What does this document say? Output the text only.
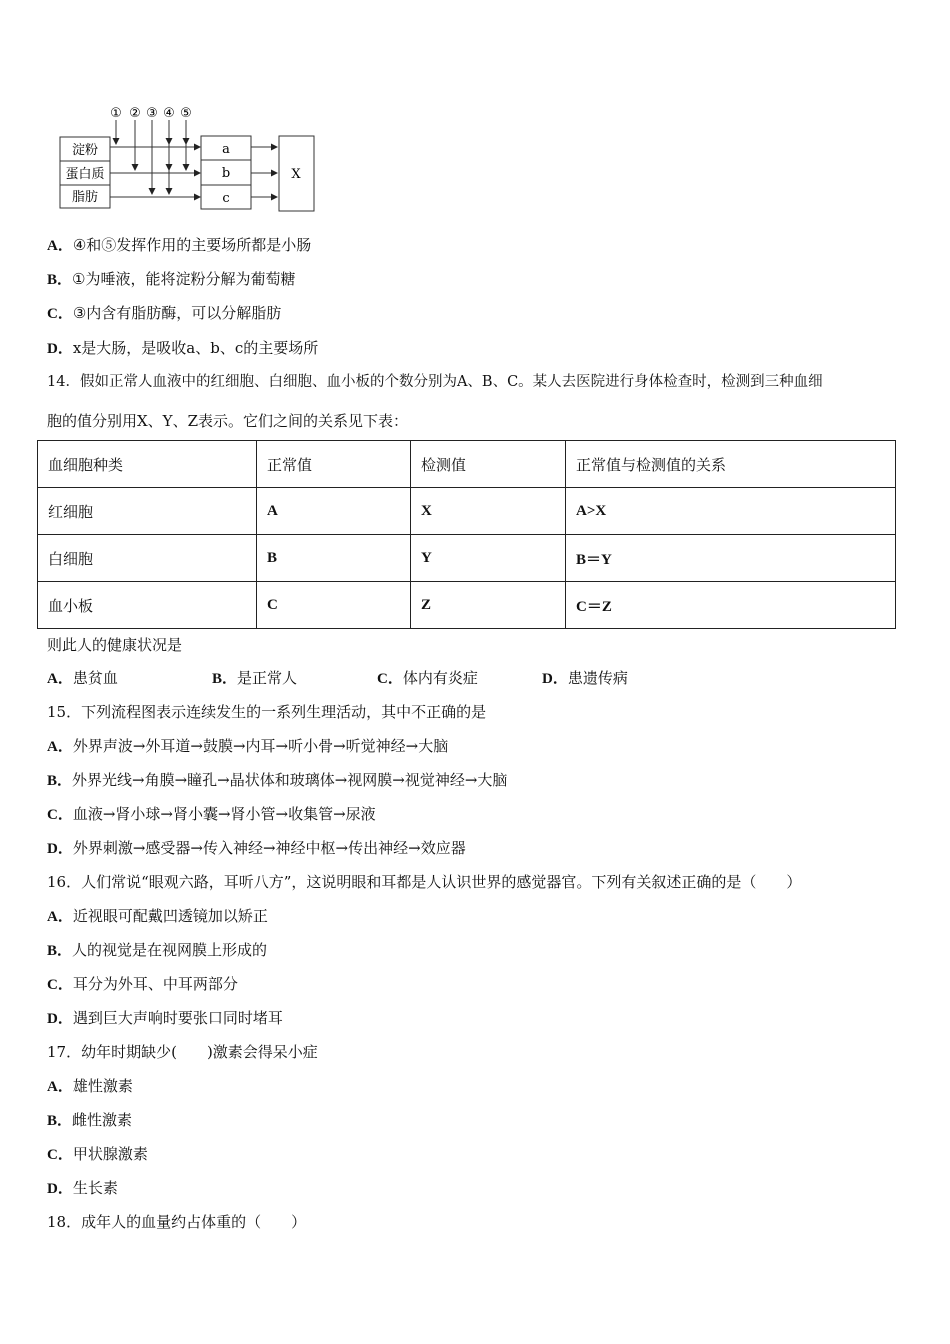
① ② ③ ④ ⑤
淀粉
蛋白质
脂肪
a
b
c
X
A．④和⑤发挥作用的主要场所都是小肠
B．①为唾液，能将淀粉分解为葡萄糖
C．③内含有脂肪酶，可以分解脂肪
D．x是大肠，是吸收a、b、c的主要场所
14．假如正常人血液中的红细胞、白细胞、血小板的个数分别为A、B、C。某人去医院进行身体检查时，检测到三种血细
胞的值分别用X、Y、Z表示。它们之间的关系见下表：
血细胞种类	正常值	检测值	正常值与检测值的关系
红细胞	A	X	A>X
白细胞	B	Y	B＝Y
血小板	C	Z	C＝Z
则此人的健康状况是
A．患贫血	B．是正常人	C．体内有炎症	D．患遗传病
15．下列流程图表示连续发生的一系列生理活动，其中不正确的是
A．外界声波→外耳道→鼓膜→内耳→听小骨→听觉神经→大脑
B．外界光线→角膜→瞳孔→晶状体和玻璃体→视网膜→视觉神经→大脑
C．血液→肾小球→肾小囊→肾小管→收集管→尿液
D．外界刺激→感受器→传入神经→神经中枢→传出神经→效应器
16．人们常说“眼观六路，耳听八方”，这说明眼和耳都是人认识世界的感觉器官。下列有关叙述正确的是（　　）
A．近视眼可配戴凹透镜加以矫正
B．人的视觉是在视网膜上形成的
C．耳分为外耳、中耳两部分
D．遇到巨大声响时要张口同时堵耳
17．幼年时期缺少(　　)激素会得呆小症
A．雄性激素
B．雌性激素
C．甲状腺激素
D．生长素
18．成年人的血量约占体重的（　　）
